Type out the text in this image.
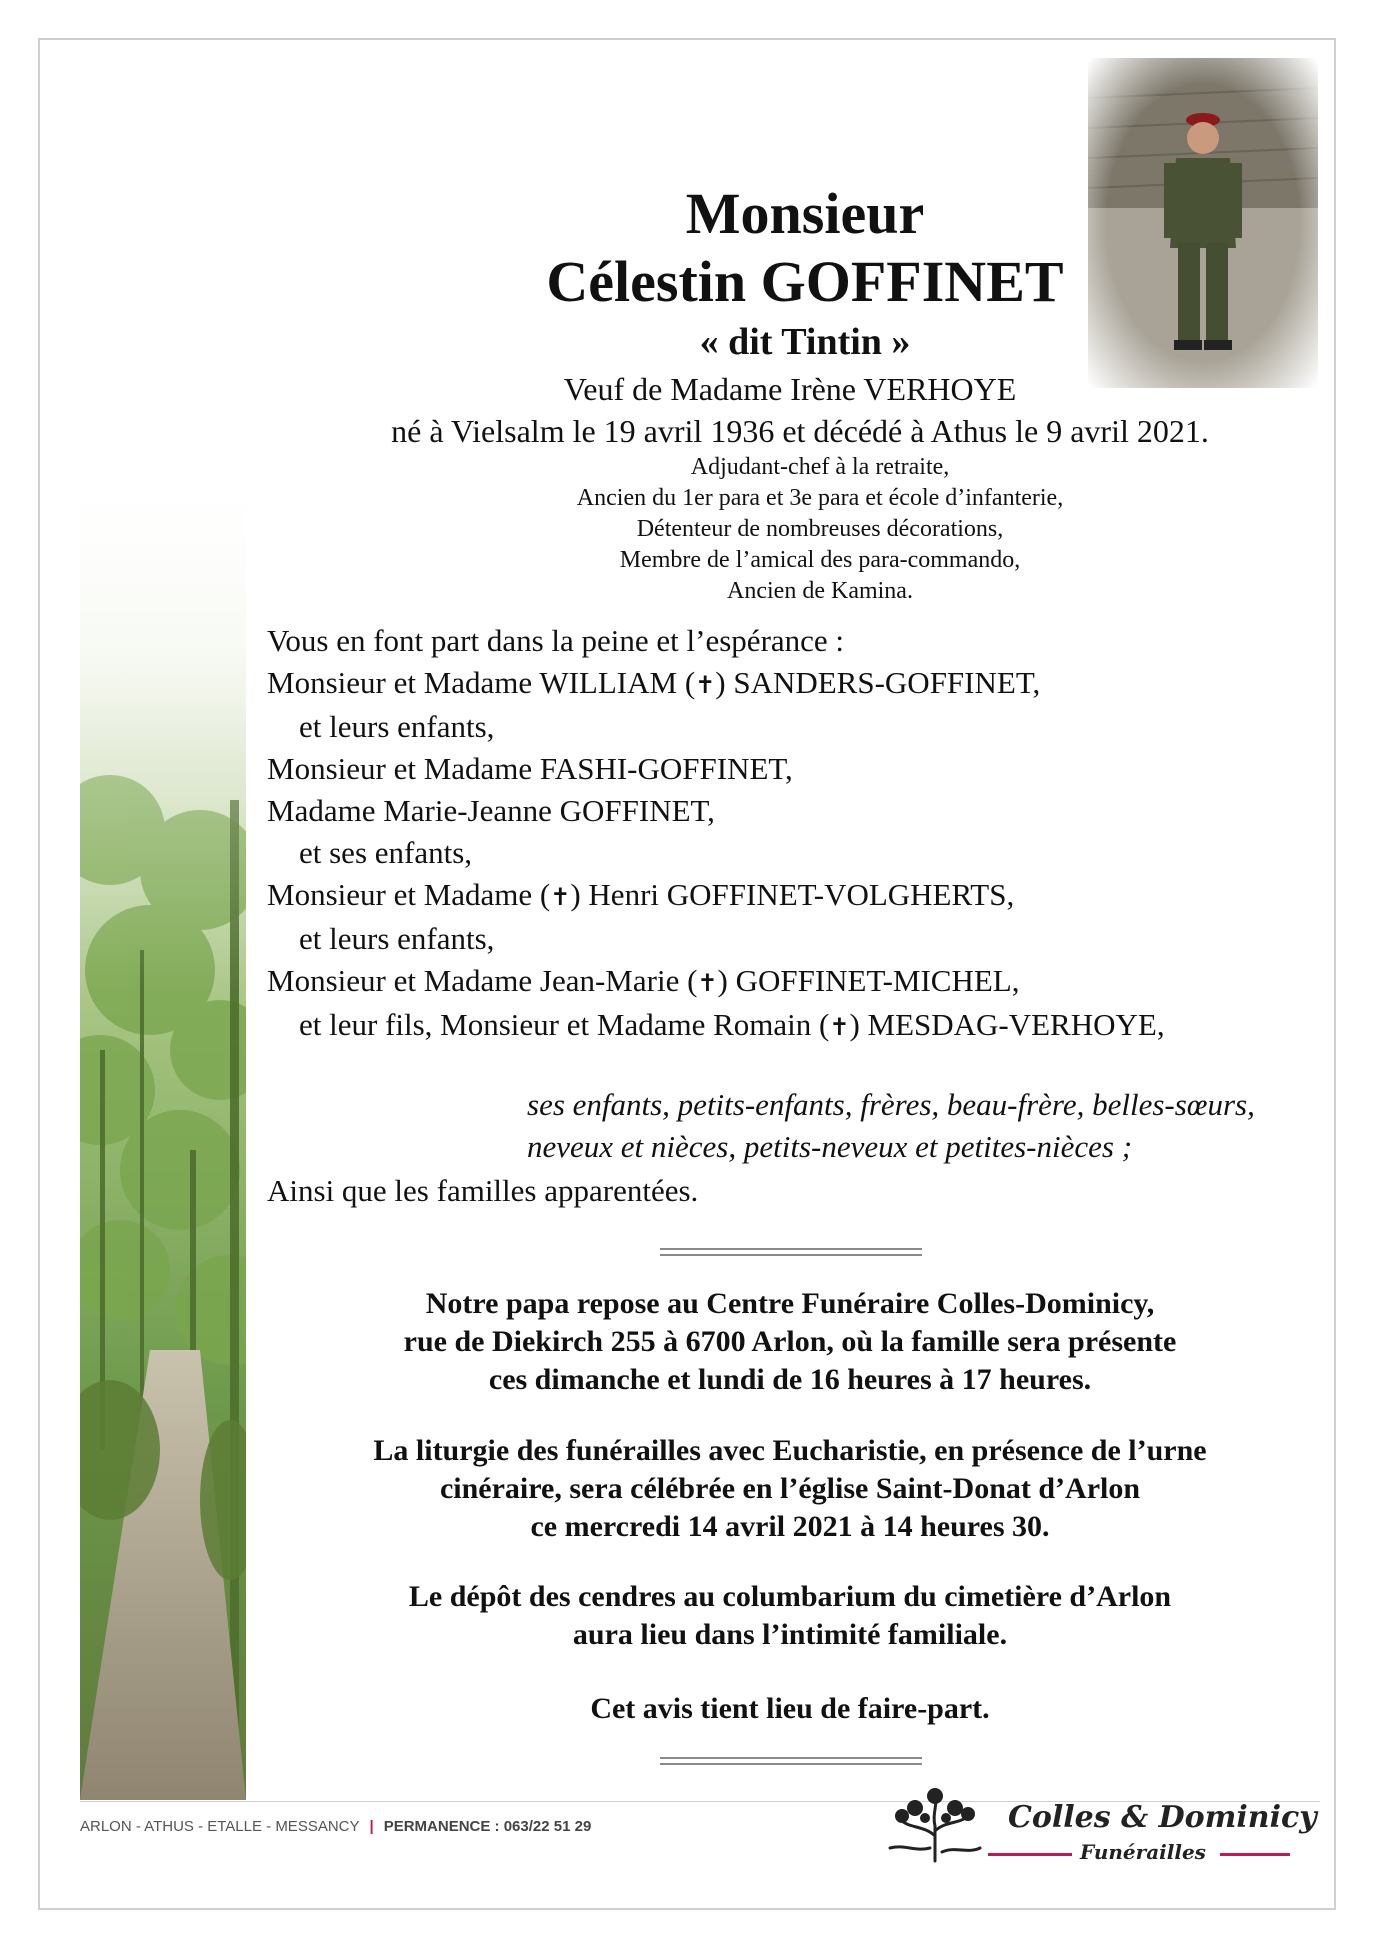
Monsieur
Célestin GOFFINET
« dit Tintin »
Veuf de Madame Irène VERHOYE
né à Vielsalm le 19 avril 1936 et décédé à Athus le 9 avril 2021.
Adjudant-chef à la retraite,
Ancien du 1er para et 3e para et école d’infanterie,
Détenteur de nombreuses décorations,
Membre de l’amical des para-commando,
Ancien de Kamina.
Vous en font part dans la peine et l’espérance :
Monsieur et Madame WILLIAM (✝) SANDERS-GOFFINET,
et leurs enfants,
Monsieur et Madame FASHI-GOFFINET,
Madame Marie-Jeanne GOFFINET,
et ses enfants,
Monsieur et Madame (✝) Henri GOFFINET-VOLGHERTS,
et leurs enfants,
Monsieur et Madame Jean-Marie (✝) GOFFINET-MICHEL,
et leur fils, Monsieur et Madame Romain (✝) MESDAG-VERHOYE,
ses enfants, petits-enfants, frères, beau-frère, belles-sœurs,
neveux et nièces, petits-neveux et petites-nièces ;
Ainsi que les familles apparentées.
Notre papa repose au Centre Funéraire Colles-Dominicy,
rue de Diekirch 255 à 6700 Arlon, où la famille sera présente
ces dimanche et lundi de 16 heures à 17 heures.
La liturgie des funérailles avec Eucharistie, en présence de l’urne
cinéraire, sera célébrée en l’église Saint-Donat d’Arlon
ce mercredi 14 avril 2021 à 14 heures 30.
Le dépôt des cendres au columbarium du cimetière d’Arlon
aura lieu dans l’intimité familiale.
Cet avis tient lieu de faire-part.
ARLON - ATHUS - ETALLE - MESSANCY | PERMANENCE : 063/22 51 29	Colles & Dominicy
Funérailles
